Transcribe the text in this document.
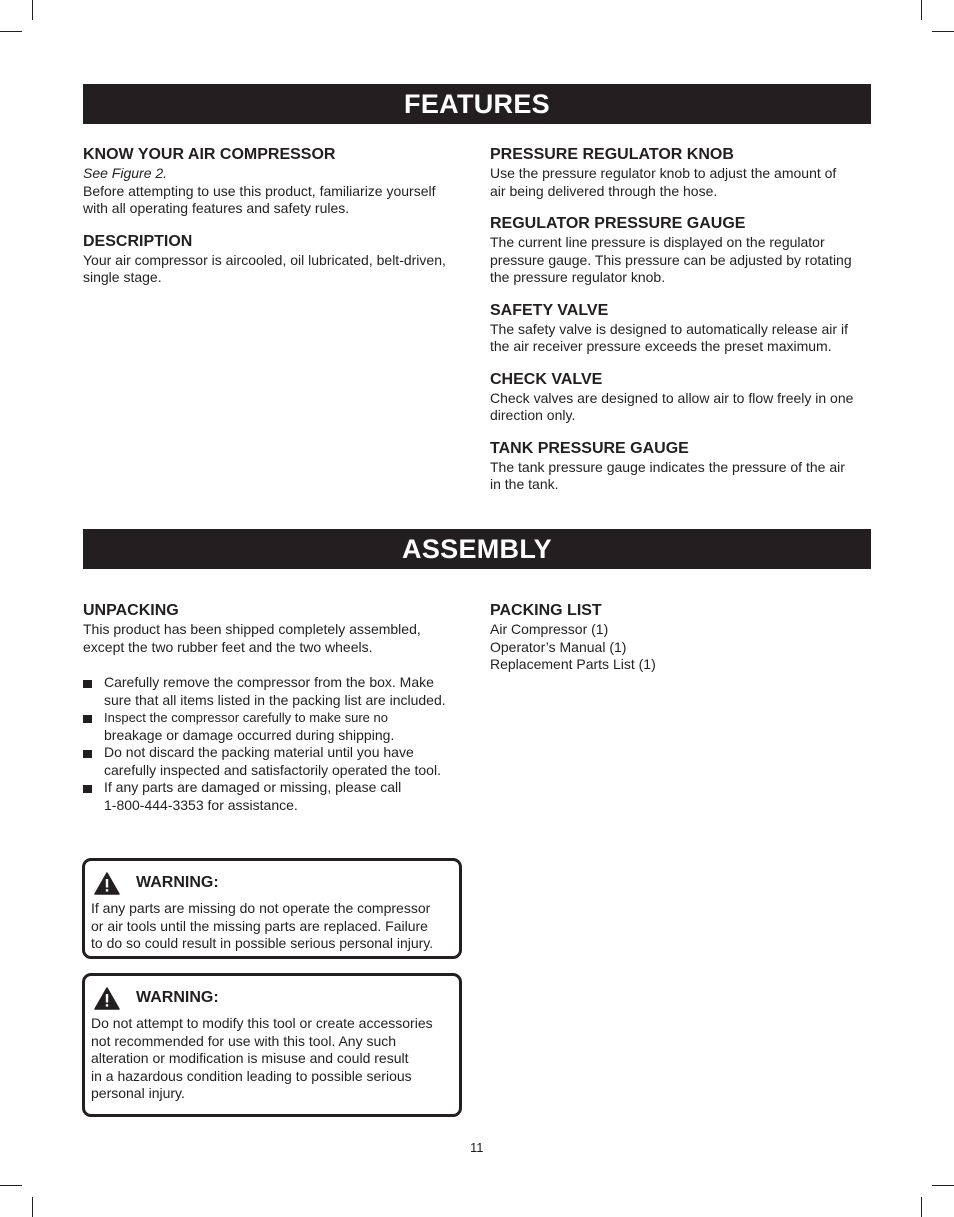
FEATURES
KNOW YOUR AIR COMPRESSOR

See Figure 2.

Before attempting to use this product, familiarize yourself

with all operating features and safety rules.

DESCRIPTION

Your air compressor is aircooled, oil lubricated, belt-driven,

single stage.

PRESSURE REGULATOR KNOB

Use the pressure regulator knob to adjust the amount of

air being delivered through the hose.

REGULATOR PRESSURE GAUGE

The current line pressure is displayed on the regulator

pressure gauge. This pressure can be adjusted by rotating

the pressure regulator knob.

SAFETY VALVE

The safety valve is designed to automatically release air if

the air receiver pressure exceeds the preset maximum.

CHECK VALVE

Check valves are designed to allow air to flow freely in one

direction only.

TANK PRESSURE GAUGE

The tank pressure gauge indicates the pressure of the air

in the tank.

ASSEMBLY
UNPACKING

This product has been shipped completely assembled,

except the two rubber feet and the two wheels.

Carefully remove the compressor from the box. Make
sure that all items listed in the packing list are included.
Inspect the compressor carefully to make sure no
breakage or damage occurred during shipping.
Do not discard the packing material until you have
carefully inspected and satisfactorily operated the tool.
If any parts are damaged or missing, please call
1-800-444-3353 for assistance.
PACKING LIST

Air Compressor (1)

Operator’s Manual (1)

Replacement Parts List (1)

WARNING:

If any parts are missing do not operate the compressor

or air tools until the missing parts are replaced. Failure

to do so could result in possible serious personal injury.

WARNING:

Do not attempt to modify this tool or create accessories

not recommended for use with this tool. Any such

alteration or modification is misuse and could result

in a hazardous condition leading to possible serious

personal injury.

11
